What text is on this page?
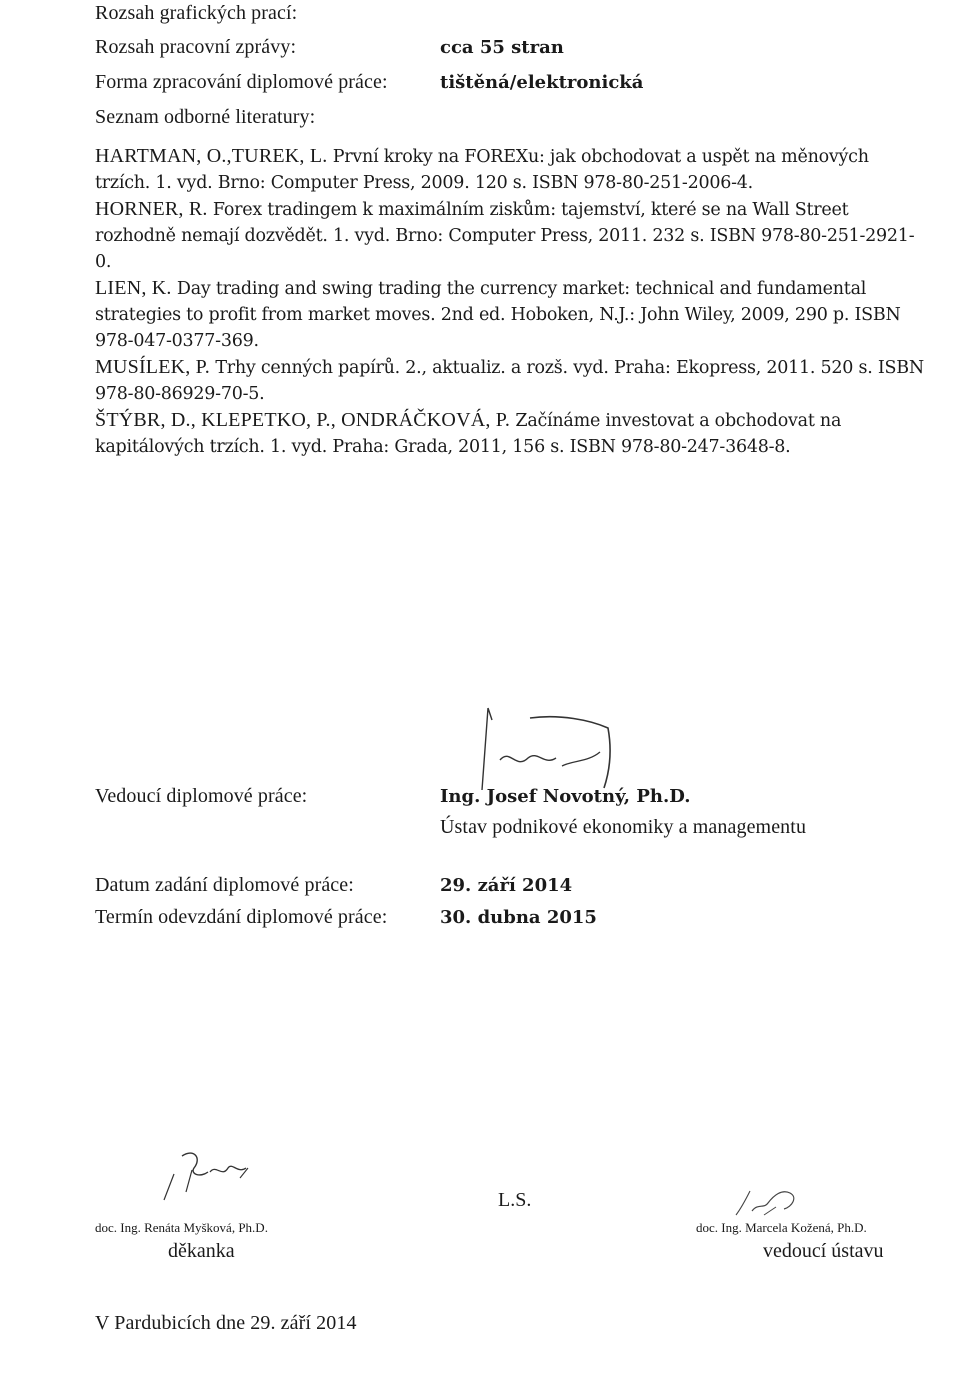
Rozsah grafických prací:
Rozsah pracovní zprávy:	cca 55 stran
Forma zpracování diplomové práce:	tištěná/elektronická
Seznam odborné literatury:

HARTMAN, O.,TUREK, L. První kroky na FOREXu: jak obchodovat a uspět na měnových trzích. 1. vyd. Brno: Computer Press, 2009. 120 s. ISBN 978-80-251-2006-4.

HORNER, R. Forex tradingem k maximálním ziskům: tajemství, které se na Wall Street rozhodně nemají dozvědět. 1. vyd. Brno: Computer Press, 2011. 232 s. ISBN 978-80-251-2921-0.

LIEN, K. Day trading and swing trading the currency market: technical and fundamental strategies to profit from market moves. 2nd ed. Hoboken, N.J.: John Wiley, 2009, 290 p. ISBN 978-047-0377-369.

MUSÍLEK, P. Trhy cenných papírů. 2., aktualiz. a rozš. vyd. Praha: Ekopress, 2011. 520 s. ISBN 978-80-86929-70-5.

ŠTÝBR, D., KLEPETKO, P., ONDRÁČKOVÁ, P. Začínáme investovat a obchodovat na kapitálových trzích. 1. vyd. Praha: Grada, 2011, 156 s. ISBN 978-80-247-3648-8.

Vedoucí diplomové práce:	Ing. Josef Novotný, Ph.D.
Ústav podnikové ekonomiky a managementu
Datum zadání diplomové práce:	29. září 2014
Termín odevzdání diplomové práce:	30. dubna 2015
doc. Ing. Renáta Myšková, Ph.D.
děkanka
L.S.
doc. Ing. Marcela Kožená, Ph.D.
vedoucí ústavu
V Pardubicích dne 29. září 2014
